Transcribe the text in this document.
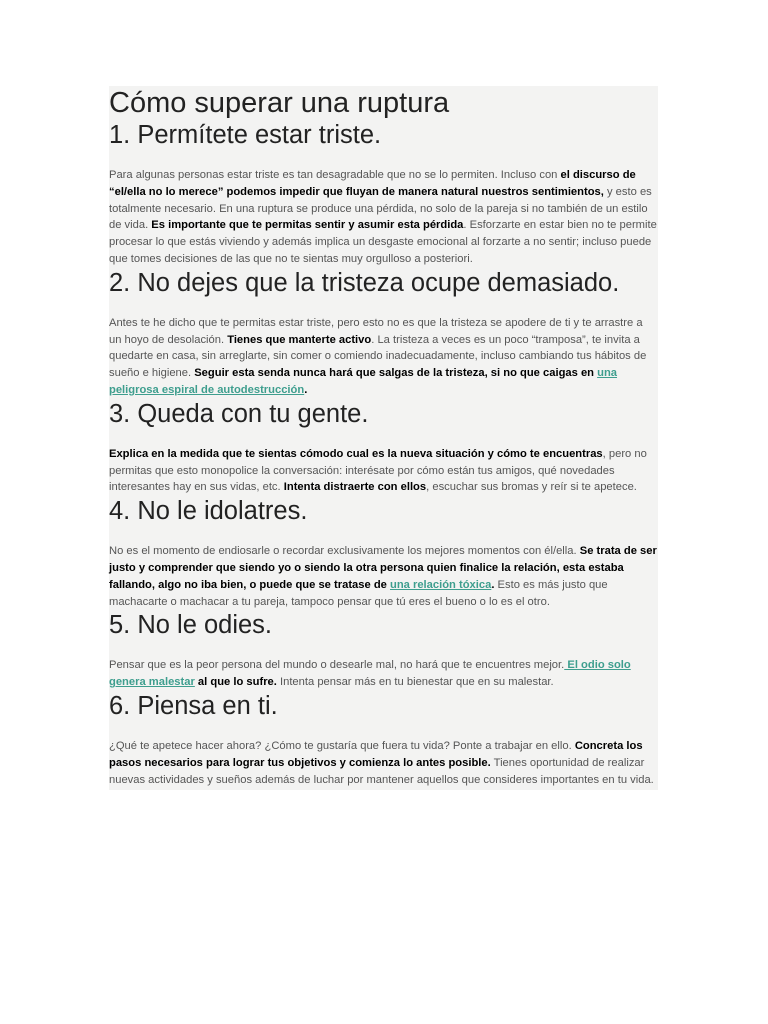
Cómo superar una ruptura
1. Permítete estar triste.

Para algunas personas estar triste es tan desagradable que no se lo permiten. Incluso con el discurso de “el/ella no lo merece” podemos impedir que fluyan de manera natural nuestros sentimientos, y esto es totalmente necesario. En una ruptura se produce una pérdida, no solo de la pareja si no también de un estilo de vida. Es importante que te permitas sentir y asumir esta pérdida. Esforzarte en estar bien no te permite procesar lo que estás viviendo y además implica un desgaste emocional al forzarte a no sentir; incluso puede que tomes decisiones de las que no te sientas muy orgulloso a posteriori.

2. No dejes que la tristeza ocupe demasiado.

Antes te he dicho que te permitas estar triste, pero esto no es que la tristeza se apodere de ti y te arrastre a un hoyo de desolación. Tienes que manterte activo. La tristeza a veces es un poco “tramposa”, te invita a quedarte en casa, sin arreglarte, sin comer o comiendo inadecuadamente, incluso cambiando tus hábitos de sueño e higiene. Seguir esta senda nunca hará que salgas de la tristeza, si no que caigas en una peligrosa espiral de autodestrucción.

3. Queda con tu gente.

Explica en la medida que te sientas cómodo cual es la nueva situación y cómo te encuentras, pero no permitas que esto monopolice la conversación: interésate por cómo están tus amigos, qué novedades interesantes hay en sus vidas, etc. Intenta distraerte con ellos, escuchar sus bromas y reír si te apetece.

4. No le idolatres.

No es el momento de endiosarle o recordar exclusivamente los mejores momentos con él/ella. Se trata de ser justo y comprender que siendo yo o siendo la otra persona quien finalice la relación, esta estaba fallando, algo no iba bien, o puede que se tratase de una relación tóxica. Esto es más justo que machacarte o machacar a tu pareja, tampoco pensar que tú eres el bueno o lo es el otro.

5. No le odies.

Pensar que es la peor persona del mundo o desearle mal, no hará que te encuentres mejor. El odio solo genera malestar al que lo sufre. Intenta pensar más en tu bienestar que en su malestar.

6. Piensa en ti.

¿Qué te apetece hacer ahora? ¿Cómo te gustaría que fuera tu vida? Ponte a trabajar en ello. Concreta los pasos necesarios para lograr tus objetivos y comienza lo antes posible. Tienes oportunidad de realizar nuevas actividades y sueños además de luchar por mantener aquellos que consideres importantes en tu vida.
